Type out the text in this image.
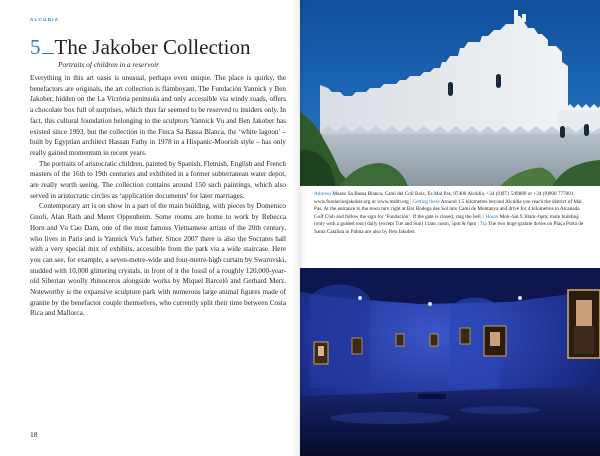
ALCÚDIA
5 The Jakober Collection
Portraits of children in a reservoir

Everything in this art oasis is unusual, perhaps even unique. The place is quirky, the benefactors are originals, the art collection is flamboyant. The Fundación Yannick y Ben Jakober, hidden on the La Victòria peninsula and only accessible via windy roads, offers a chocolate box full of surprises, which thus far seemed to be reserved to insiders only. In fact, this cultural foundation belonging to the sculptors Yannick Vu and Ben Jakober has existed since 1993, but the collection in the Finca Sa Bassa Blanca, the ‘white lagoon’ – built by Egyptian architect Hassan Fathy in 1978 in a Hispanic-Moorish style – has only really gained momentum in recent years.

The portraits of aristocratic children, painted by Spanish, Flemish, English and French masters of the 16th to 19th centuries and exhibited in a former subterranean water depot, are really worth seeing. The collection contains around 150 such paintings, which also served in aristocratic circles as ‘application documents’ for later marriages.

Contemporary art is on show in a part of the main building, with pieces by Domenico Gnoli, Alan Rath and Meret Oppenheim. Some rooms are home to work by Rebecca Horn and Vu Cao Dam, one of the most famous Vietnamese artists of the 20th century, who lives in Paris and is Yannick Vu’s father. Since 2007 there is also the Socrates hall with a very special mix of exhibits, accessible from the park via a wide staircase. Here you can see, for example, a seven-metre-wide and four-metre-high curtain by Swarovski, studded with 10,000 glittering crystals, in front of it the fossil of a roughly 120,000-year-old Siberian woolly rhinoceros alongside works by Miquel Barceló and Gerhard Merz. Noteworthy is the expansive sculpture park with numerous large animal figures made of granite by the benefactor couple themselves, who currently split their time between Costa Rica and Mallorca.

18
Address Museo Sa Bassa Blanca, Camí del Coll Baix, Es Mal Pas, 07400 Alcúdia, +34 (0)971 549880 or +34 (0)900 777001, www.fundacionjakober.org or www.msbb.org | Getting there Around 1.5 kilometres beyond Alcúdia you reach the district of Mal Pas. At the entrance to the town turn right at Bar Bodega des Sol into Camí de Muntanya and drive for 4 kilometres to Alcanada Golf Club and follow the sign for ‘Fundación’. If the gate is closed, ring the bell. | Hours Mon–Sat 9.30am–6pm; main building (only with a guided tour) daily (except Tue and Sun) 11am, noon, 5pm & 6pm | Tip The two huge granite doves on Plaça Porta de Santa Catalina in Palma are also by Ben Jakober.
